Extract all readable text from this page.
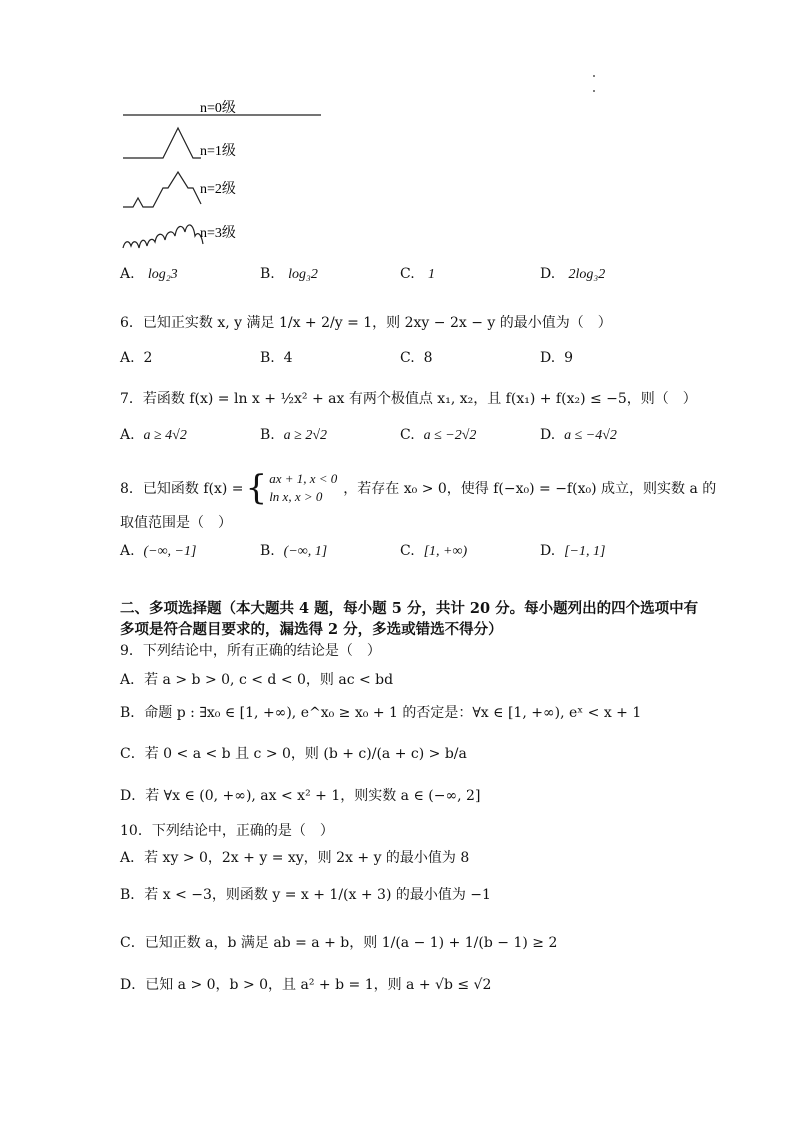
n=0级
n=1级
n=2级
n=3级
A. log₂3	B. log₃2	C. 1	D. 2log₃2
6．已知正实数 x, y 满足 1/x + 2/y = 1，则 2xy − 2x − y 的最小值为（　）
A. 2	B. 4	C. 8	D. 9
7．若函数 f(x) = ln x + ½x² + ax 有两个极值点 x₁, x₂，且 f(x₁) + f(x₂) ≤ −5，则（　）
A. a ≥ 4√2	B. a ≥ 2√2	C. a ≤ −2√2	D. a ≤ −4√2
8．已知函数 f(x) = { ax + 1, x < 0
ln x, x > 0	，若存在 x₀ > 0，使得 f(−x₀) = −f(x₀) 成立，则实数 a 的
取值范围是（　）
A. (−∞, −1]	B. (−∞, 1]	C. [1, +∞)	D. [−1, 1]
二、多项选择题（本大题共 4 题，每小题 5 分，共计 20 分。每小题列出的四个选项中有多项是符合题目要求的，漏选得 2 分，多选或错选不得分）
9．下列结论中，所有正确的结论是（　）
A．若 a > b > 0, c < d < 0，则 ac < bd
B．命题 p : ∃x₀ ∈ [1, +∞), e^x₀ ≥ x₀ + 1 的否定是：∀x ∈ [1, +∞), eˣ < x + 1
C．若 0 < a < b 且 c > 0，则 (b + c)/(a + c) > b/a
D．若 ∀x ∈ (0, +∞), ax < x² + 1，则实数 a ∈ (−∞, 2]
10．下列结论中，正确的是（　）
A．若 xy > 0，2x + y = xy，则 2x + y 的最小值为 8
B．若 x < −3，则函数 y = x + 1/(x + 3) 的最小值为 −1
C．已知正数 a，b 满足 ab = a + b，则 1/(a − 1) + 1/(b − 1) ≥ 2
D．已知 a > 0，b > 0，且 a² + b = 1，则 a + √b ≤ √2
